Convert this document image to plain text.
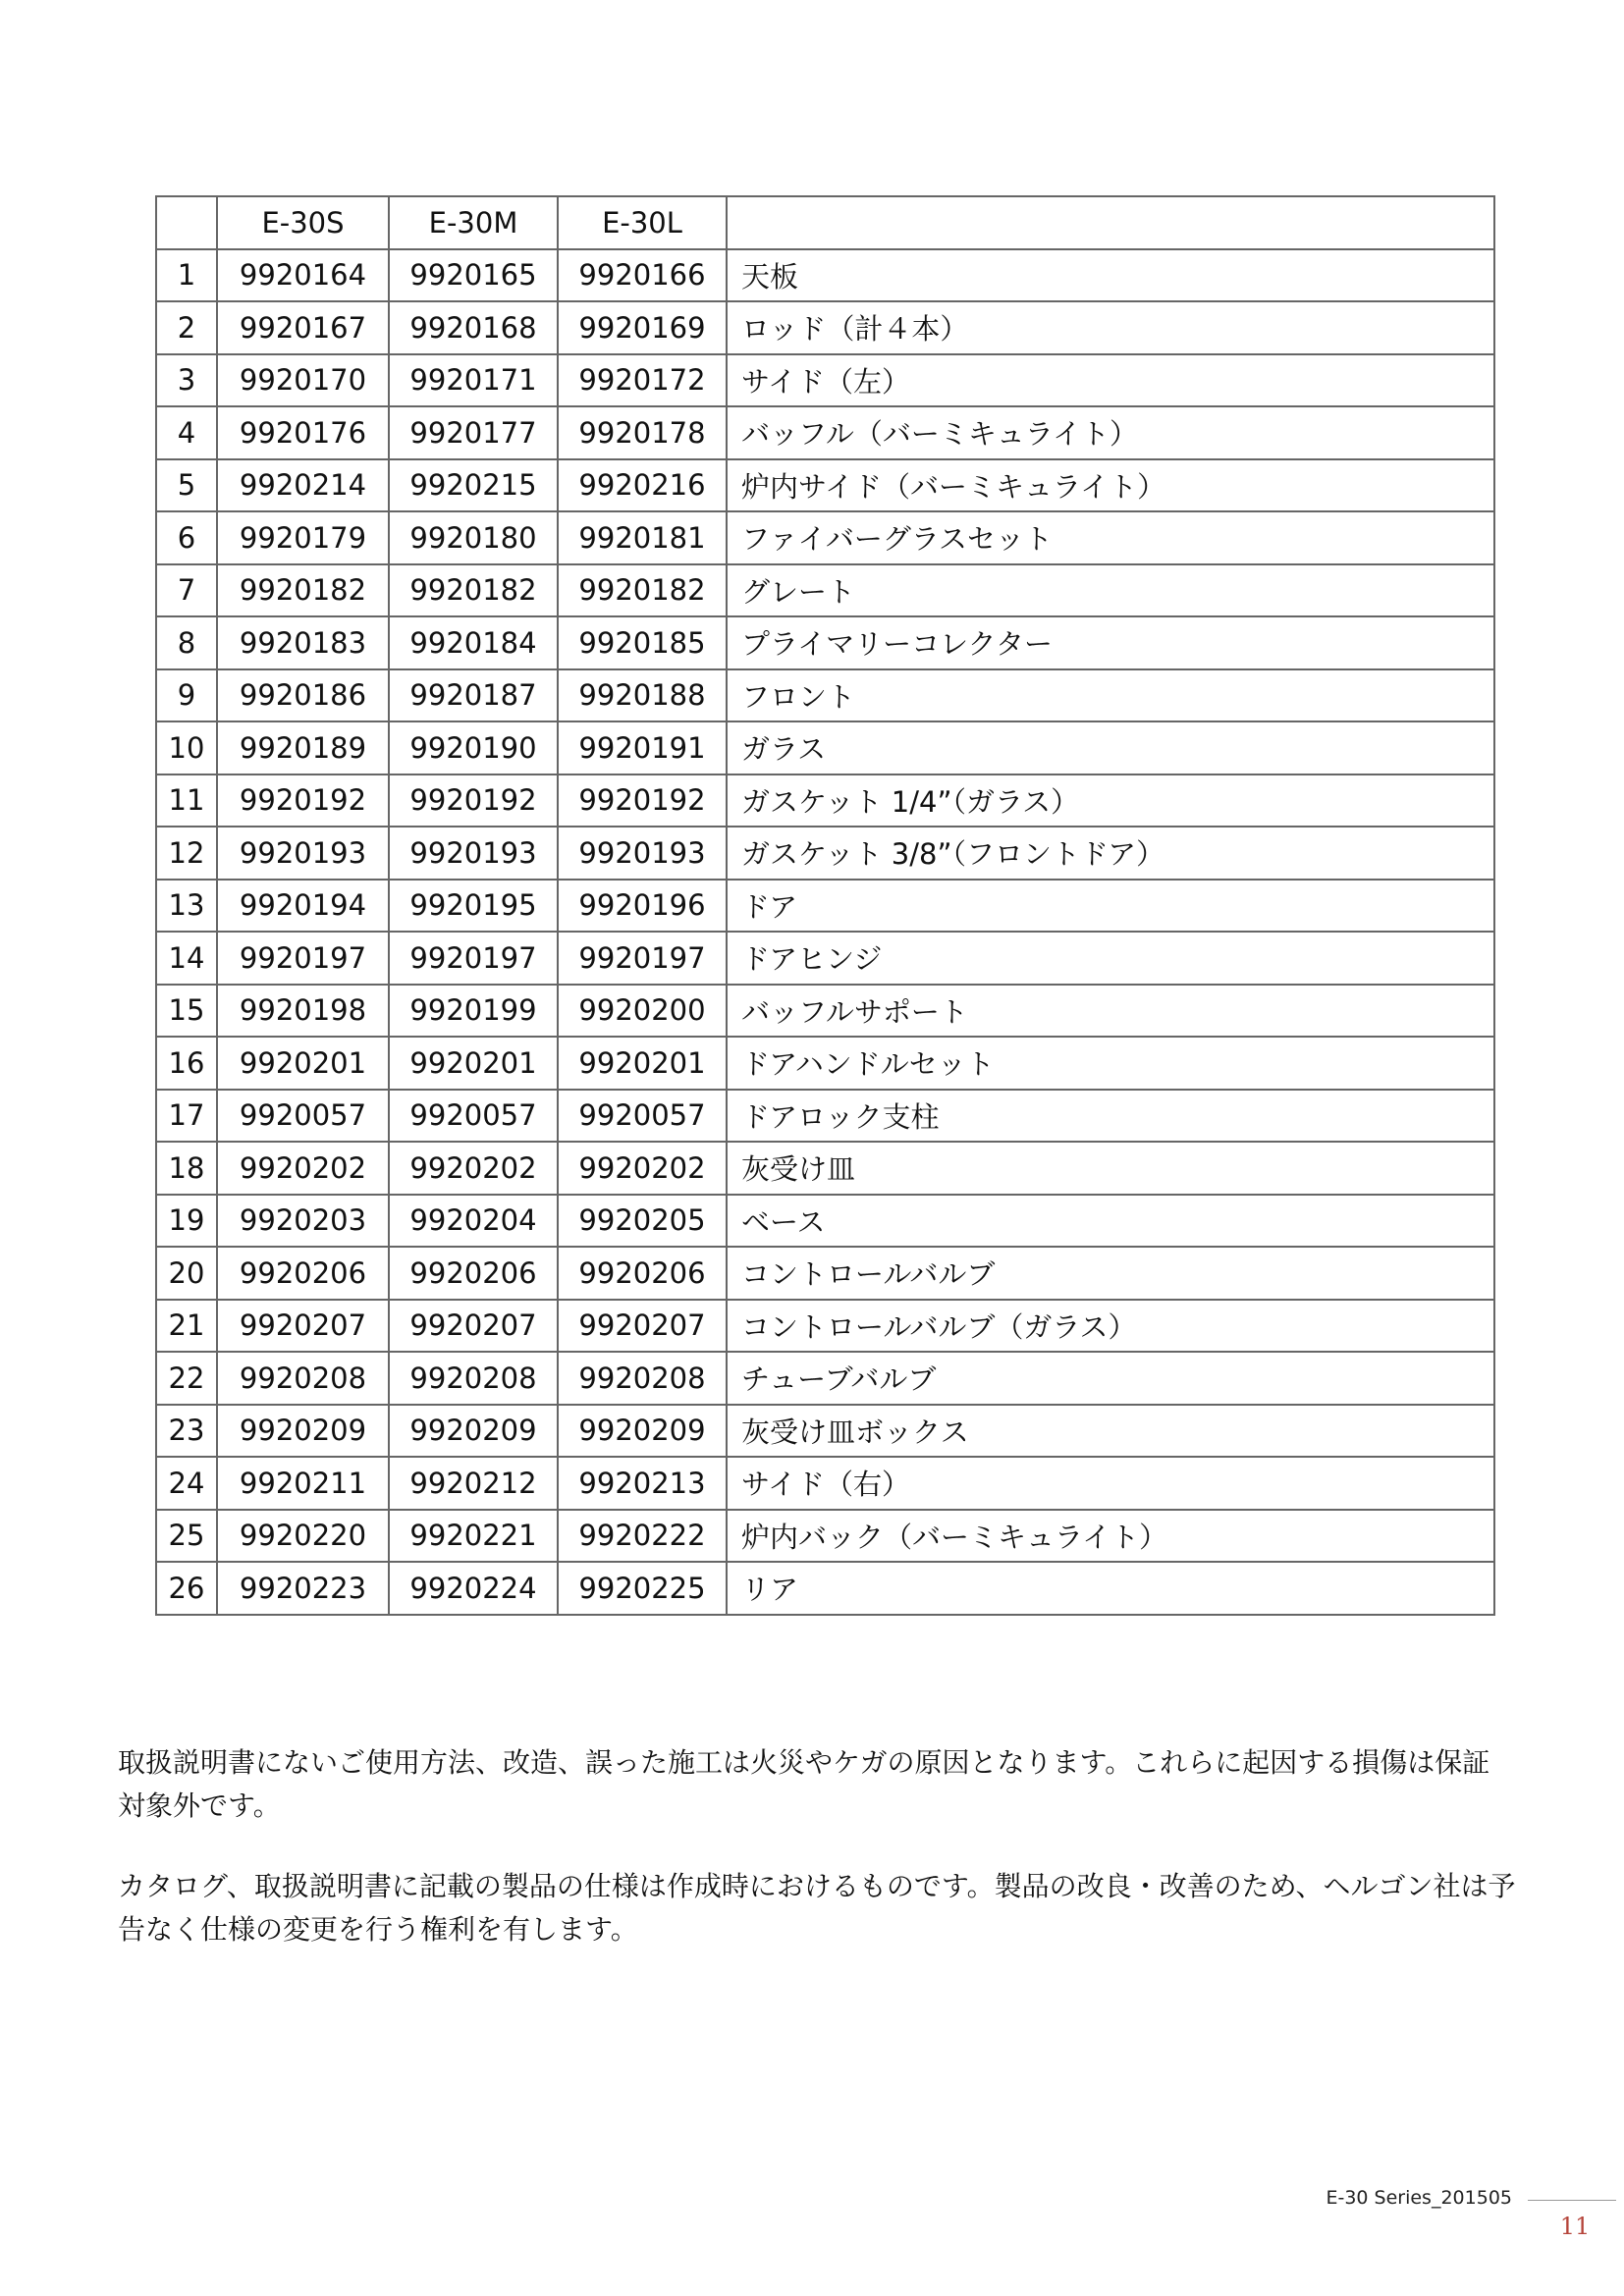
	E-30S	E-30M	E-30L	
1	9920164	9920165	9920166	天板
2	9920167	9920168	9920169	ロッド（計４本）
3	9920170	9920171	9920172	サイド（左）
4	9920176	9920177	9920178	バッフル（バーミキュライト）
5	9920214	9920215	9920216	炉内サイド（バーミキュライト）
6	9920179	9920180	9920181	ファイバーグラスセット
7	9920182	9920182	9920182	グレート
8	9920183	9920184	9920185	プライマリーコレクター
9	9920186	9920187	9920188	フロント
10	9920189	9920190	9920191	ガラス
11	9920192	9920192	9920192	ガスケット 1/4”（ガラス）
12	9920193	9920193	9920193	ガスケット 3/8”（フロントドア）
13	9920194	9920195	9920196	ドア
14	9920197	9920197	9920197	ドアヒンジ
15	9920198	9920199	9920200	バッフルサポート
16	9920201	9920201	9920201	ドアハンドルセット
17	9920057	9920057	9920057	ドアロック支柱
18	9920202	9920202	9920202	灰受け皿
19	9920203	9920204	9920205	ベース
20	9920206	9920206	9920206	コントロールバルブ
21	9920207	9920207	9920207	コントロールバルブ（ガラス）
22	9920208	9920208	9920208	チューブバルブ
23	9920209	9920209	9920209	灰受け皿ボックス
24	9920211	9920212	9920213	サイド（右）
25	9920220	9920221	9920222	炉内バック（バーミキュライト）
26	9920223	9920224	9920225	リア

取扱説明書にないご使用方法、改造、誤った施工は火災やケガの原因となります。これらに起因する損傷は保証対象外です。

カタログ、取扱説明書に記載の製品の仕様は作成時におけるものです。製品の改良・改善のため、ヘルゴン社は予告なく仕様の変更を行う権利を有します。

E-30 Series_201505
11
